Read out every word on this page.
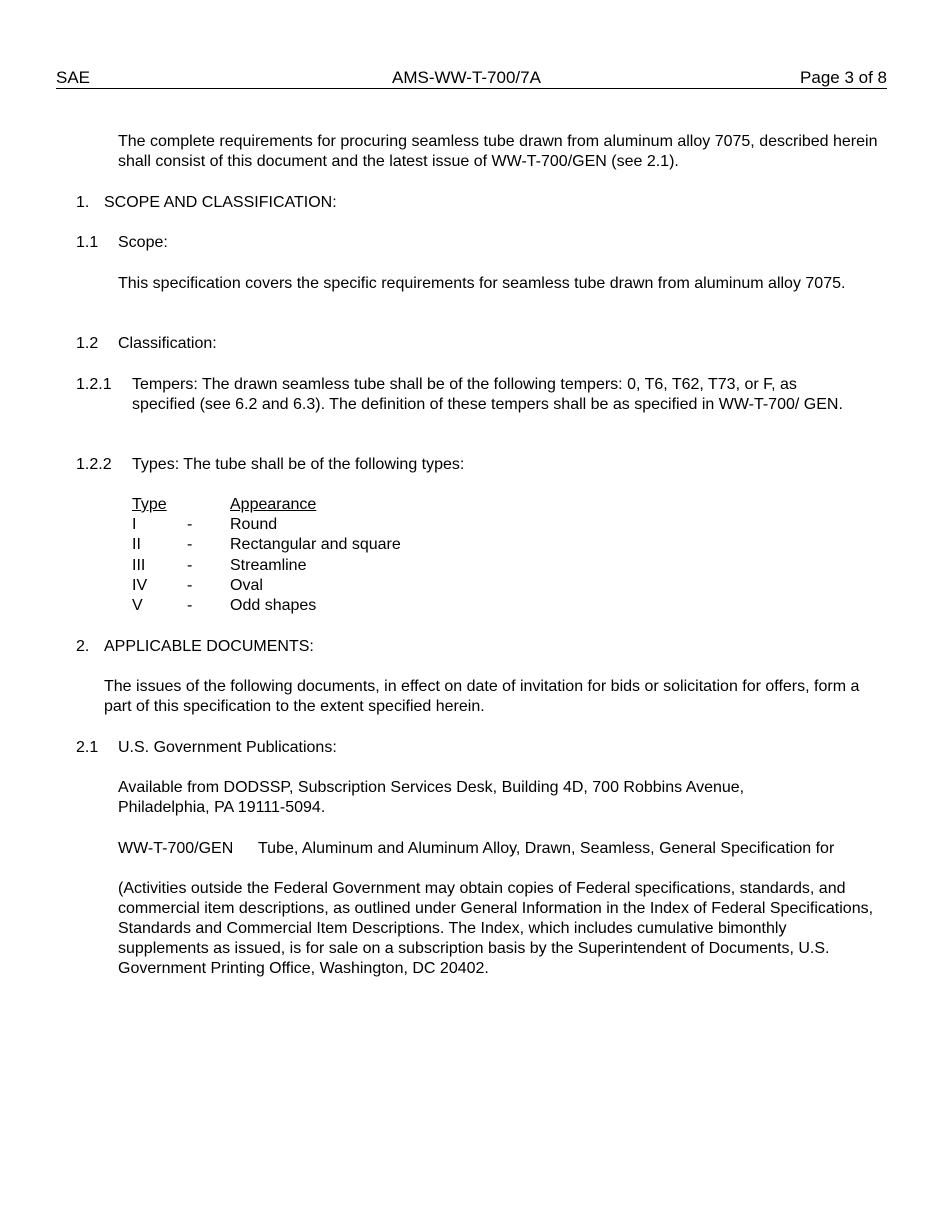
SAE	AMS-WW-T-700/7A	Page 3 of 8

The complete requirements for procuring seamless tube drawn from aluminum alloy 7075, described herein shall consist of this document and the latest issue of WW-T-700/GEN (see 2.1).

1. SCOPE AND CLASSIFICATION:
1.1 Scope:

This specification covers the specific requirements for seamless tube drawn from aluminum alloy 7075.

1.2 Classification:
1.2.1 Tempers: The drawn seamless tube shall be of the following tempers: 0, T6, T62, T73, or F, as specified (see 6.2 and 6.3). The definition of these tempers shall be as specified in WW-T-700/ GEN.

1.2.2 Types: The tube shall be of the following types:
Type	Appearance
I	- Round
II	- Rectangular and square
III	- Streamline
IV - Oval
V	- Odd shapes
2. APPLICABLE DOCUMENTS:

The issues of the following documents, in effect on date of invitation for bids or solicitation for offers, form a part of this specification to the extent specified herein.

2.1 U.S. Government Publications:

Available from DODSSP, Subscription Services Desk, Building 4D, 700 Robbins Avenue, Philadelphia, PA 19111-5094.

WW-T-700/GEN Tube, Aluminum and Aluminum Alloy, Drawn, Seamless, General Specification for

(Activities outside the Federal Government may obtain copies of Federal specifications, standards, and commercial item descriptions, as outlined under General Information in the Index of Federal Specifications, Standards and Commercial Item Descriptions. The Index, which includes cumulative bimonthly supplements as issued, is for sale on a subscription basis by the Superintendent of Documents, U.S. Government Printing Office, Washington, DC 20402.
